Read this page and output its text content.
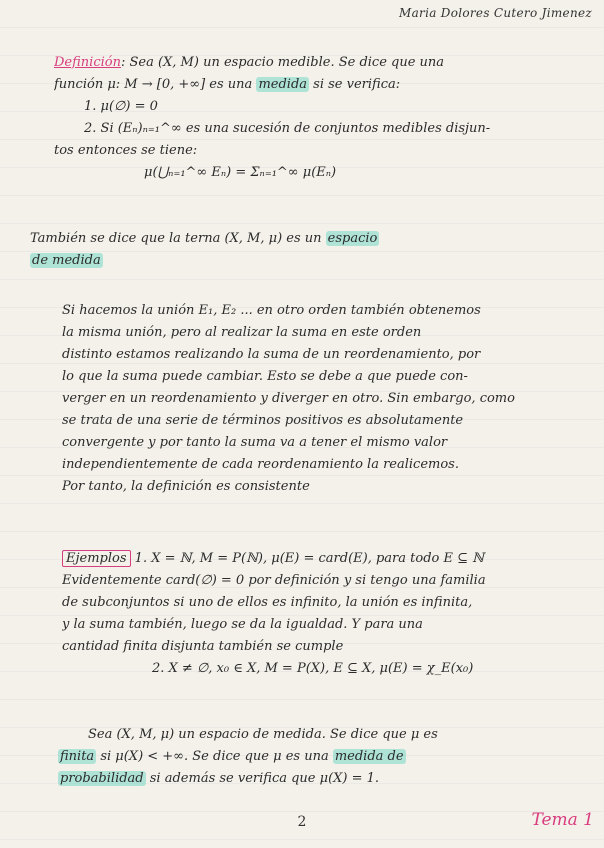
Maria Dolores Cutero Jimenez
Definición: Sea (X, M) un espacio medible. Se dice que una
función μ: M → [0, +∞] es una medida si se verifica:
1. μ(∅) = 0
2. Si (Eₙ)ₙ₌₁^∞ es una sucesión de conjuntos medibles disjun-
tos entonces se tiene:
μ(⋃ₙ₌₁^∞ Eₙ) = Σₙ₌₁^∞ μ(Eₙ)
También se dice que la terna (X, M, μ) es un espacio
de medida
Si hacemos la unión E₁, E₂ ... en otro orden también obtenemos
la misma unión, pero al realizar la suma en este orden
distinto estamos realizando la suma de un reordenamiento, por
lo que la suma puede cambiar. Esto se debe a que puede con-
verger en un reordenamiento y diverger en otro. Sin embargo, como
se trata de una serie de términos positivos es absolutamente
convergente y por tanto la suma va a tener el mismo valor
independientemente de cada reordenamiento la realicemos.
Por tanto, la definición es consistente
Ejemplos 1. X = ℕ, M = P(ℕ), μ(E) = card(E), para todo E ⊆ ℕ
Evidentemente card(∅) = 0 por definición y si tengo una familia
de subconjuntos si uno de ellos es infinito, la unión es infinita,
y la suma también, luego se da la igualdad. Y para una
cantidad finita disjunta también se cumple
2. X ≠ ∅, x₀ ∈ X, M = P(X), E ⊆ X, μ(E) = χ_E(x₀)
Sea (X, M, μ) un espacio de medida. Se dice que μ es
finita si μ(X) < +∞. Se dice que μ es una medida de
probabilidad si además se verifica que μ(X) = 1.
2	Tema 1
